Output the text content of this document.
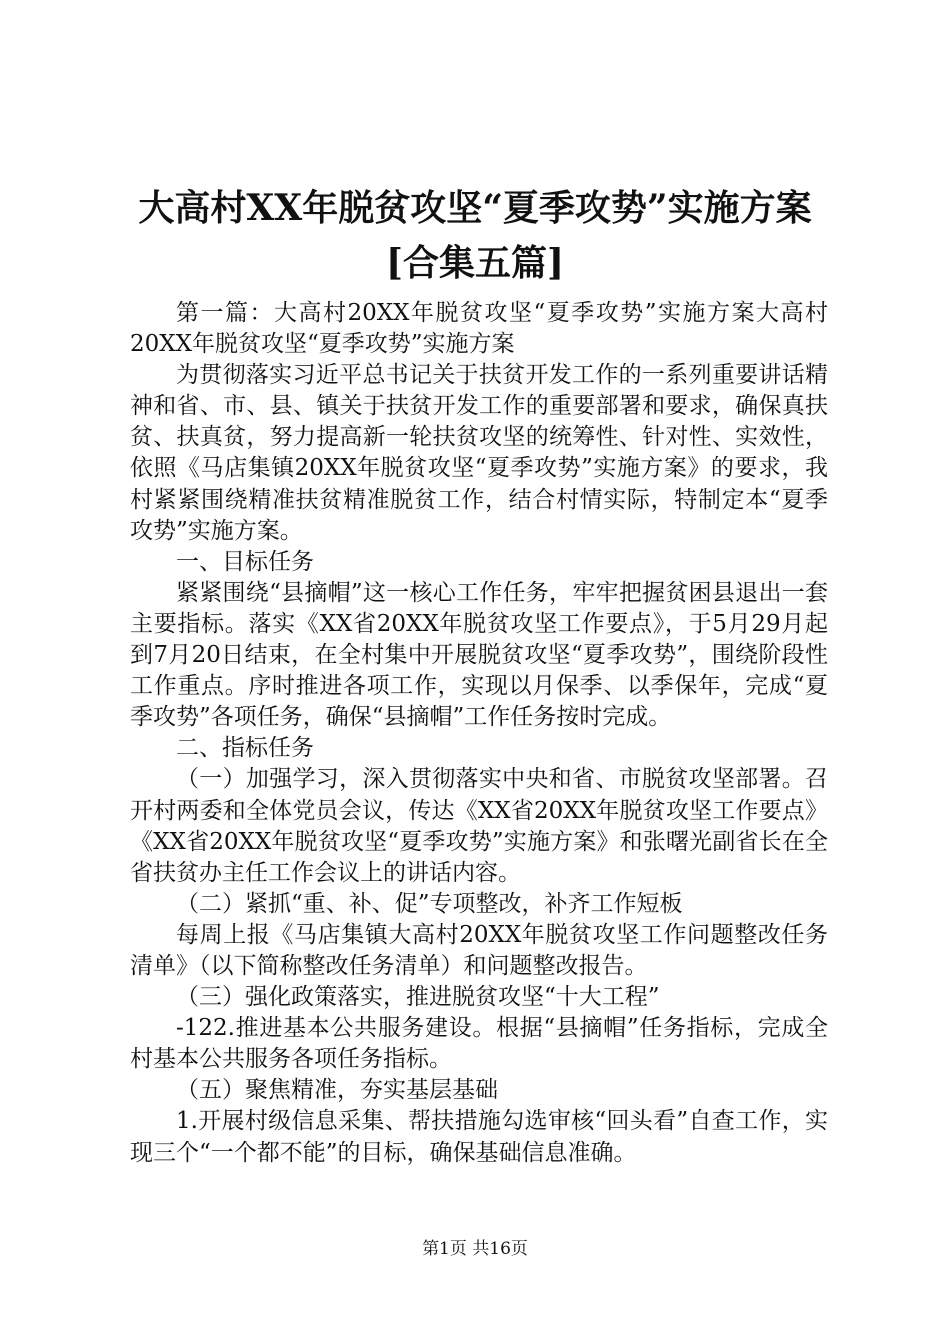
大高村XX年脱贫攻坚“夏季攻势”实施方案
[合集五篇]

第一篇：大高村20XX年脱贫攻坚“夏季攻势”实施方案大高村20XX年脱贫攻坚“夏季攻势”实施方案

为贯彻落实习近平总书记关于扶贫开发工作的一系列重要讲话精神和省、市、县、镇关于扶贫开发工作的重要部署和要求，确保真扶贫、扶真贫，努力提高新一轮扶贫攻坚的统筹性、针对性、实效性，依照《马店集镇20XX年脱贫攻坚“夏季攻势”实施方案》的要求，我村紧紧围绕精准扶贫精准脱贫工作，结合村情实际，特制定本“夏季攻势”实施方案。

一、目标任务

紧紧围绕“县摘帽”这一核心工作任务，牢牢把握贫困县退出一套主要指标。落实《XX省20XX年脱贫攻坚工作要点》，于5月29月起到7月20日结束，在全村集中开展脱贫攻坚“夏季攻势”，围绕阶段性工作重点。序时推进各项工作，实现以月保季、以季保年，完成“夏季攻势”各项任务，确保“县摘帽”工作任务按时完成。

二、指标任务

（一）加强学习，深入贯彻落实中央和省、市脱贫攻坚部署。召开村两委和全体党员会议，传达《XX省20XX年脱贫攻坚工作要点》《XX省20XX年脱贫攻坚“夏季攻势”实施方案》和张曙光副省长在全省扶贫办主任工作会议上的讲话内容。

（二）紧抓“重、补、促”专项整改，补齐工作短板

每周上报《马店集镇大高村20XX年脱贫攻坚工作问题整改任务清单》（以下简称整改任务清单）和问题整改报告。

（三）强化政策落实，推进脱贫攻坚“十大工程”

-122.推进基本公共服务建设。根据“县摘帽”任务指标，完成全村基本公共服务各项任务指标。

（五）聚焦精准，夯实基层基础

1.开展村级信息采集、帮扶措施勾选审核“回头看”自查工作，实现三个“一个都不能”的目标，确保基础信息准确。

第1页 共16页
